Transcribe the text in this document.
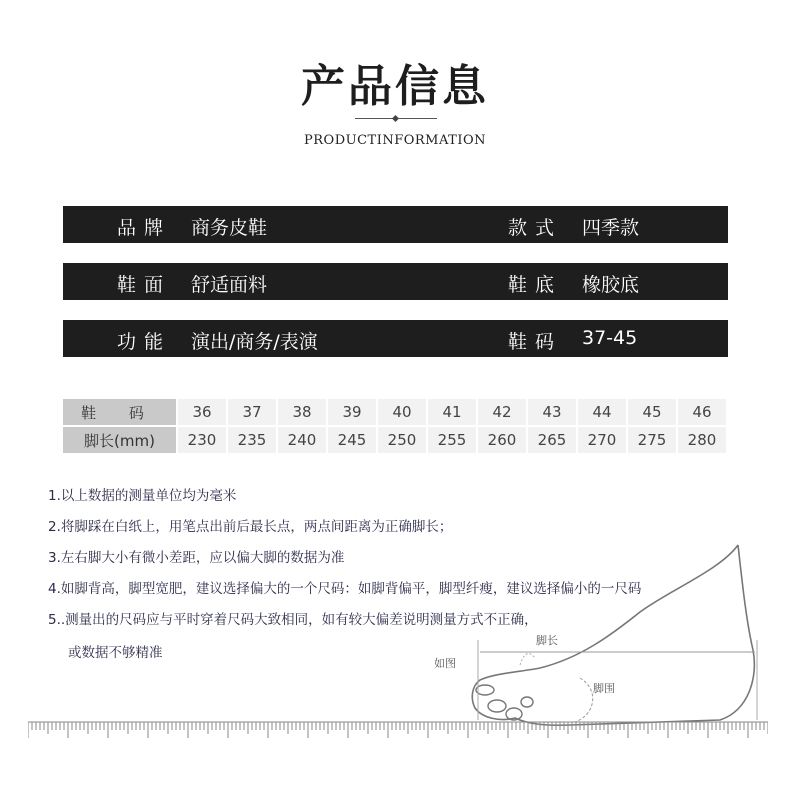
产品信息
PRODUCTINFORMATION
品牌 商务皮鞋	款式 四季款
鞋面 舒适面料	鞋底 橡胶底
功能 演出/商务/表演	鞋码 37-45
鞋 码	36	37	38	39	40	41	42	43	44	45	46
脚长(mm)	230	235	240	245	250	255	260	265	270	275	280
如图
脚长
脚围
1.以上数据的测量单位均为毫米
2.将脚踩在白纸上，用笔点出前后最长点，两点间距离为正确脚长；
3.左右脚大小有微小差距，应以偏大脚的数据为准
4.如脚背高，脚型宽肥，建议选择偏大的一个尺码：如脚背偏平，脚型纤瘦，建议选择偏小的一尺码
5..测量出的尺码应与平时穿着尺码大致相同，如有较大偏差说明测量方式不正确，
或数据不够精准
